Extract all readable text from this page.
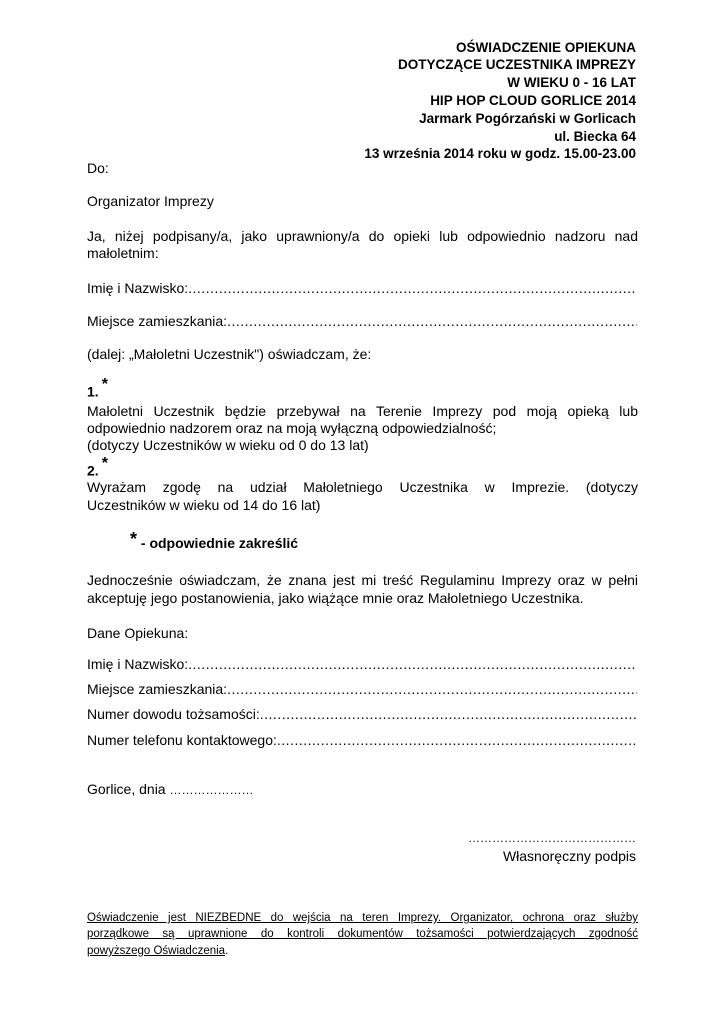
OŚWIADCZENIE OPIEKUNA
DOTYCZĄCE UCZESTNIKA IMPREZY
W WIEKU 0 - 16 LAT
HIP HOP CLOUD GORLICE 2014
Jarmark Pogórzański w Gorlicach
ul. Biecka 64
13 września 2014 roku w godz. 15.00-23.00
Do:
Organizator Imprezy
Ja, niżej podpisany/a, jako uprawniony/a do opieki lub odpowiednio nadzoru nad
małoletnim:
Imię i Nazwisko:
.....
Miejsce zamieszkania:
.....
(dalej: „Małoletni Uczestnik") oświadczam, że:
1. *
Małoletni Uczestnik będzie przebywał na Terenie Imprezy pod moją opieką lub
odpowiednio nadzorem oraz na moją wyłączną odpowiedzialność;
(dotyczy Uczestników w wieku od 0 do 13 lat)
2. *
Wyrażam zgodę na udział Małoletniego Uczestnika w Imprezie. (dotyczy
Uczestników w wieku od 14 do 16 lat)
* - odpowiednie zakreślić
Jednocześnie oświadczam, że znana jest mi treść Regulaminu Imprezy oraz w pełni
akceptuję jego postanowienia, jako wiążące mnie oraz Małoletniego Uczestnika.
Dane Opiekuna:
Imię i Nazwisko:
.....
Miejsce zamieszkania:
.....
Numer dowodu tożsamości:
.....
Numer telefonu kontaktowego:
.....
Gorlice, dnia …………………
……………………………………
Własnoręczny podpis
Oświadczenie jest NIEZBEDNE do wejścia na teren Imprezy. Organizator, ochrona oraz służby
porządkowe są uprawnione do kontroli dokumentów tożsamości potwierdzających zgodność
powyższego Oświadczenia.
